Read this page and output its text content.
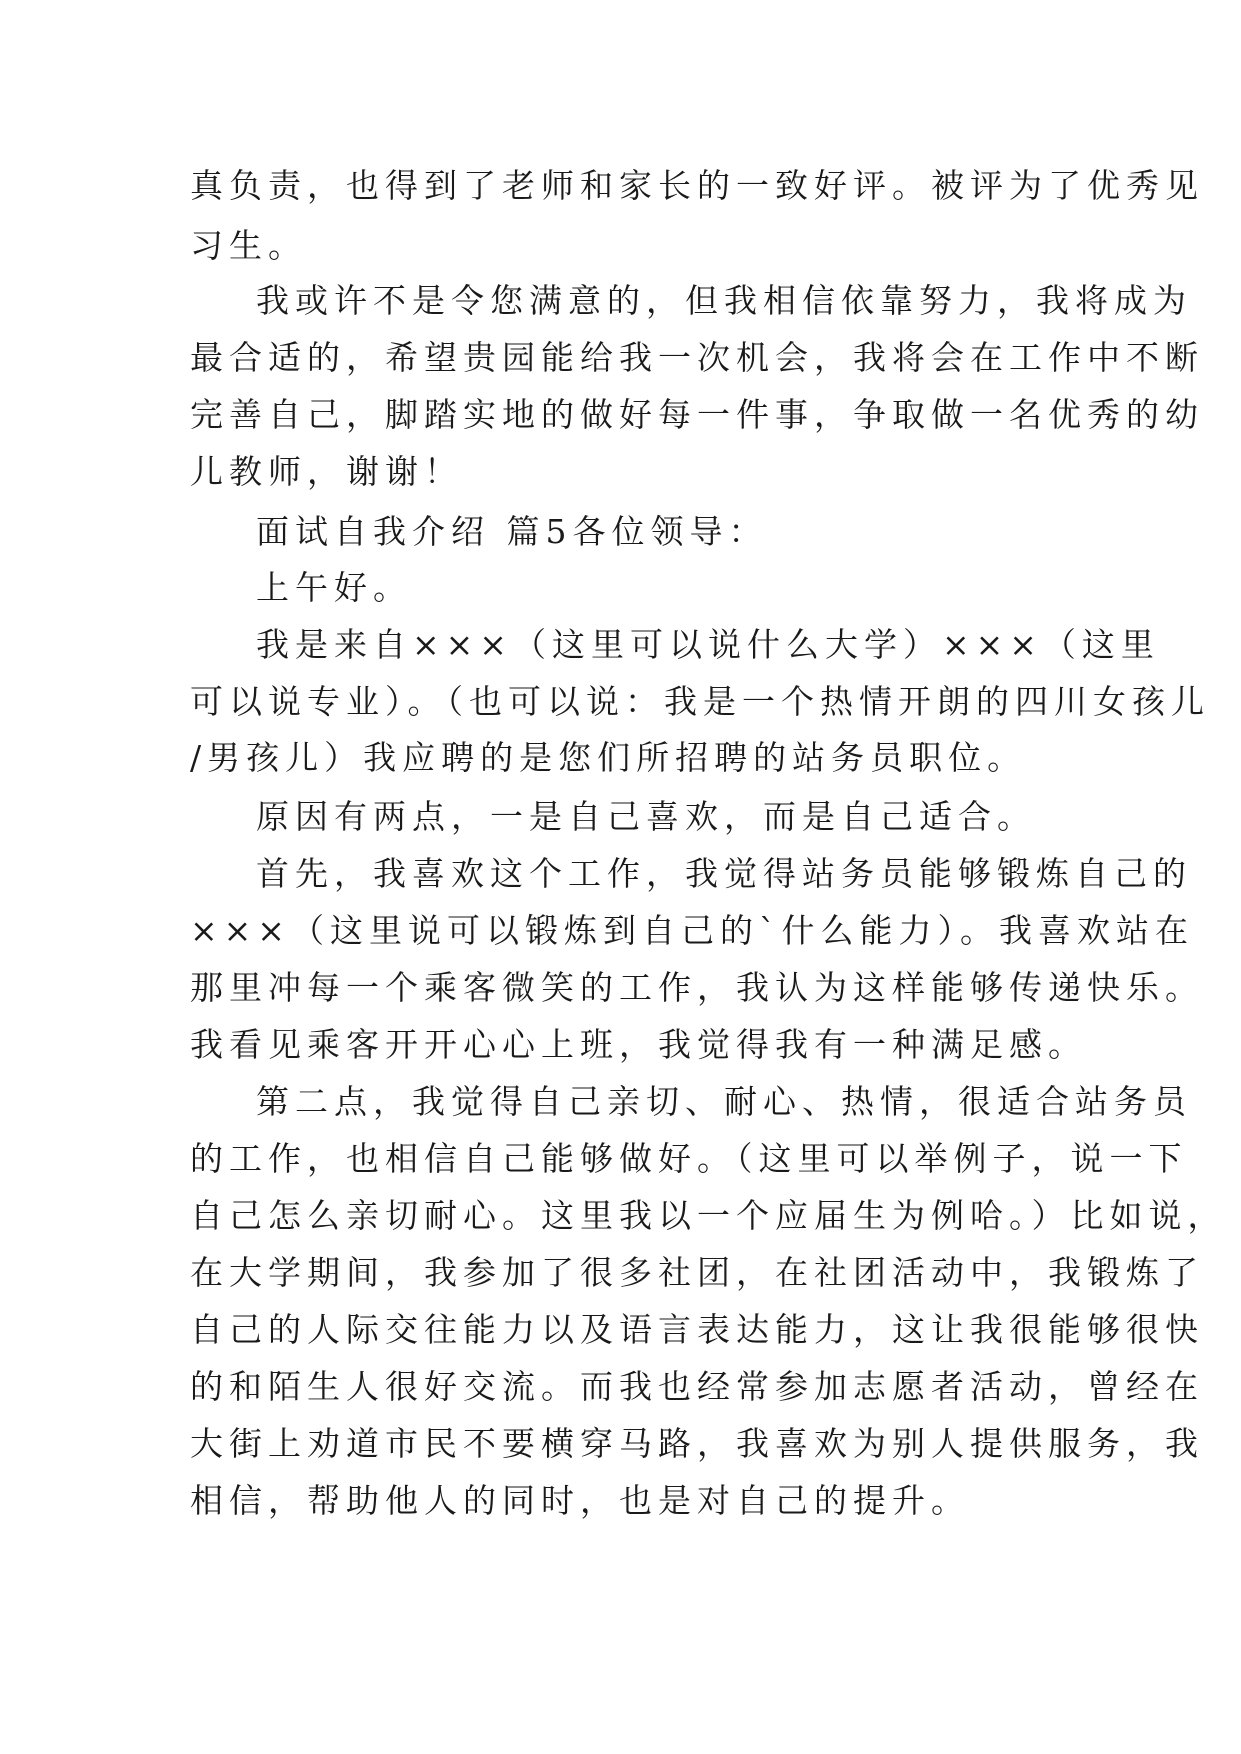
真负责，也得到了老师和家长的一致好评。被评为了优秀见

习生。

我或许不是令您满意的，但我相信依靠努力，我将成为

最合适的，希望贵园能给我一次机会，我将会在工作中不断

完善自己，脚踏实地的做好每一件事，争取做一名优秀的幼

儿教师，谢谢！

面试自我介绍 篇5各位领导：

上午好。

我是来自×××（这里可以说什么大学）×××（这里

可以说专业）。（也可以说：我是一个热情开朗的四川女孩儿

/男孩儿）我应聘的是您们所招聘的站务员职位。

原因有两点，一是自己喜欢，而是自己适合。

首先，我喜欢这个工作，我觉得站务员能够锻炼自己的

×××（这里说可以锻炼到自己的`什么能力）。我喜欢站在

那里冲每一个乘客微笑的工作，我认为这样能够传递快乐。

我看见乘客开开心心上班，我觉得我有一种满足感。

第二点，我觉得自己亲切、耐心、热情，很适合站务员

的工作，也相信自己能够做好。（这里可以举例子，说一下

自己怎么亲切耐心。这里我以一个应届生为例哈。）比如说，

在大学期间，我参加了很多社团，在社团活动中，我锻炼了

自己的人际交往能力以及语言表达能力，这让我很能够很快

的和陌生人很好交流。而我也经常参加志愿者活动，曾经在

大街上劝道市民不要横穿马路，我喜欢为别人提供服务，我

相信，帮助他人的同时，也是对自己的提升。
